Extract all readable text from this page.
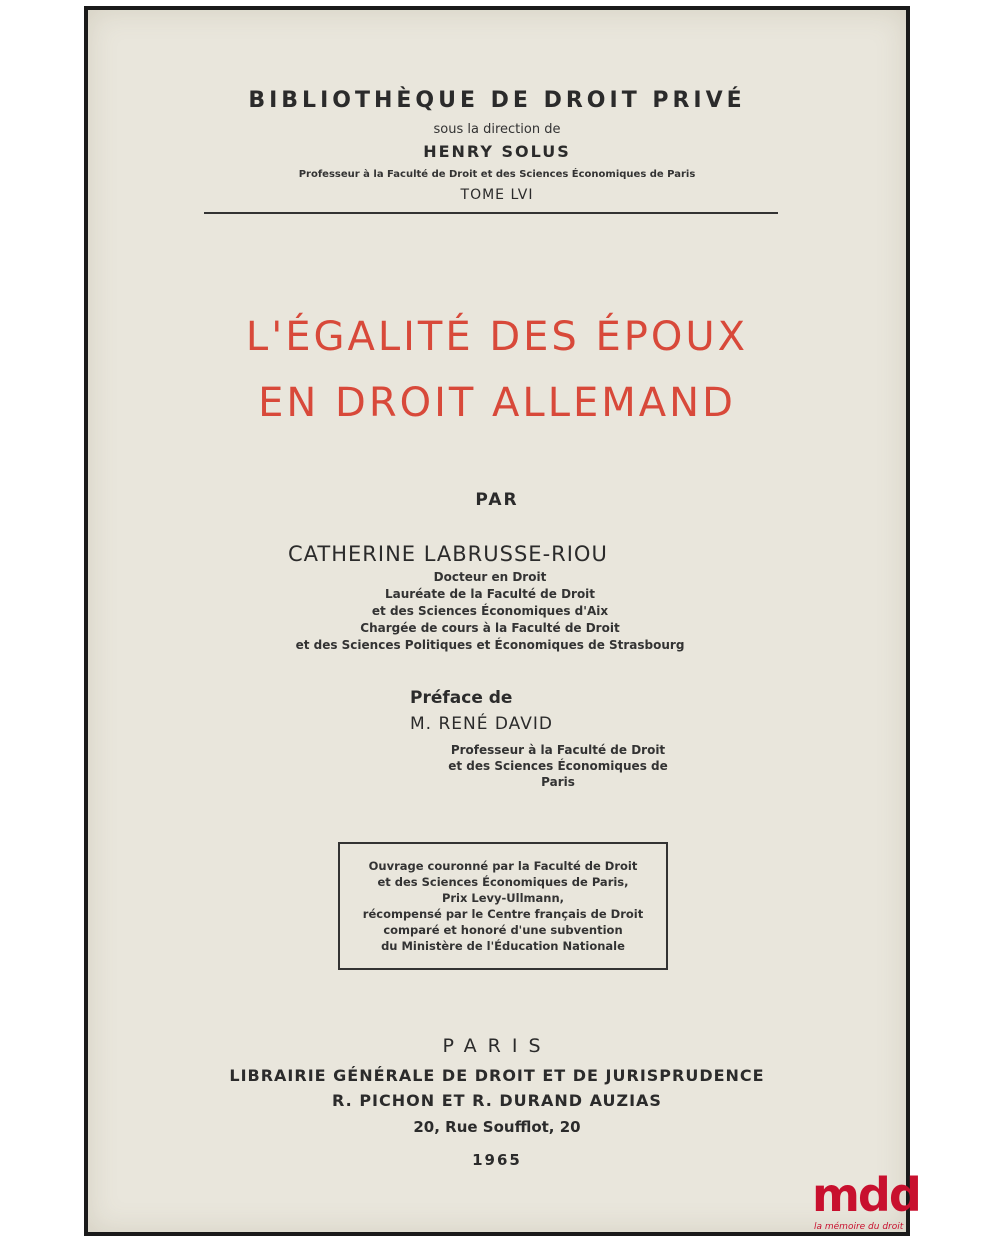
BIBLIOTHÈQUE DE DROIT PRIVÉ
sous la direction de
HENRY SOLUS
Professeur à la Faculté de Droit et des Sciences Économiques de Paris
TOME LVI
L'ÉGALITÉ DES ÉPOUX
EN DROIT ALLEMAND
PAR
CATHERINE LABRUSSE-RIOU
Docteur en Droit
Lauréate de la Faculté de Droit
et des Sciences Économiques d'Aix
Chargée de cours à la Faculté de Droit
et des Sciences Politiques et Économiques de Strasbourg
Préface de
M. RENÉ DAVID
Professeur à la Faculté de Droit
et des Sciences Économiques de Paris
Ouvrage couronné par la Faculté de Droit
et des Sciences Économiques de Paris,
Prix Levy-Ullmann,
récompensé par le Centre français de Droit
comparé et honoré d'une subvention
du Ministère de l'Éducation Nationale
PARIS
LIBRAIRIE GÉNÉRALE DE DROIT ET DE JURISPRUDENCE
R. PICHON ET R. DURAND AUZIAS
20, Rue Soufflot, 20
1965
mdd
la mémoire du droit
